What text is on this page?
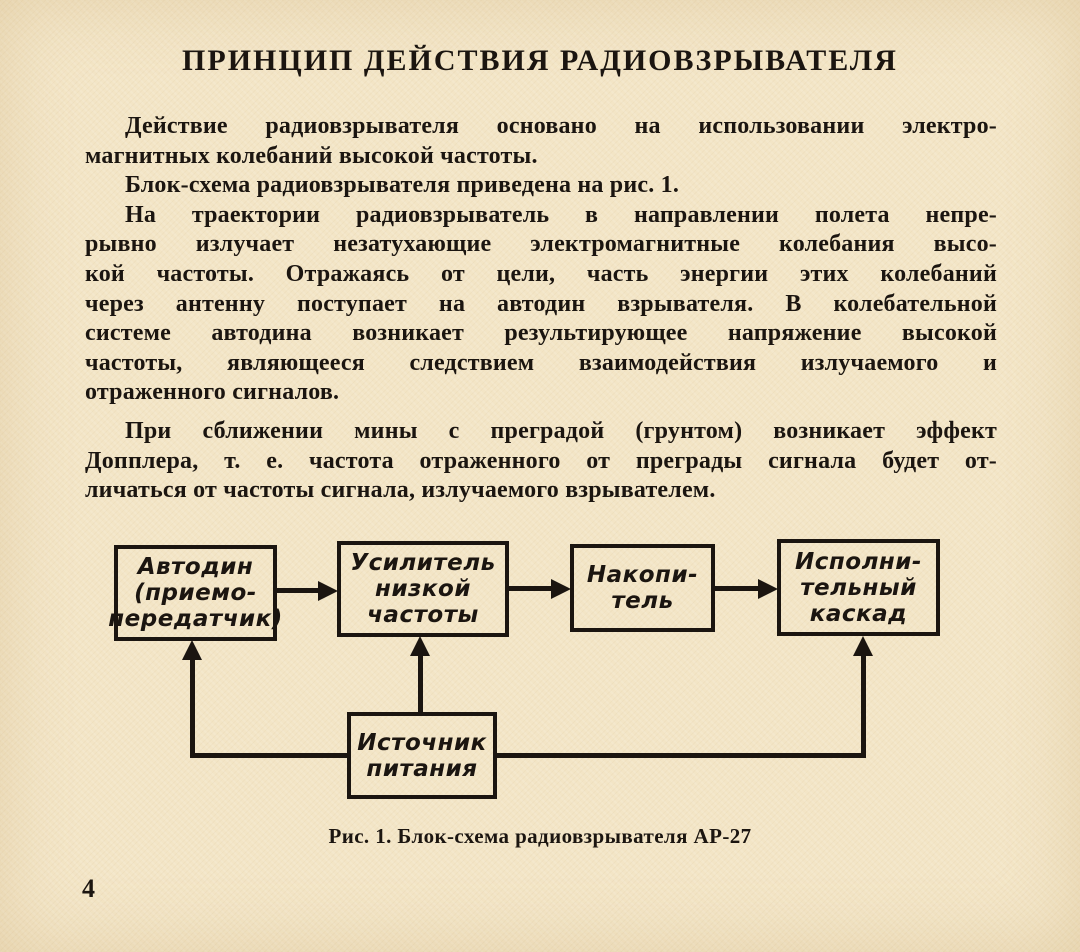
ПРИНЦИП ДЕЙСТВИЯ РАДИОВЗРЫВАТЕЛЯ
Действие радиовзрывателя основано на использовании электро-
магнитных колебаний высокой частоты.
Блок-схема радиовзрывателя приведена на рис. 1.
На траектории радиовзрыватель в направлении полета непре-
рывно излучает незатухающие электромагнитные колебания высо-
кой частоты. Отражаясь от цели, часть энергии этих колебаний
через антенну поступает на автодин взрывателя. В колебательной
системе автодина возникает результирующее напряжение высокой
частоты, являющееся следствием взаимодействия излучаемого и
отраженного сигналов.
При сближении мины с преградой (грунтом) возникает эффект
Допплера, т. е. частота отраженного от преграды сигнала будет от-
личаться от частоты сигнала, излучаемого взрывателем.
Автодин
(приемо-
передатчик)
Усилитель
низкой
частоты
Накопи-
тель
Исполни-
тельный
каскад
Источник
питания
Рис. 1. Блок-схема радиовзрывателя АР-27
4
